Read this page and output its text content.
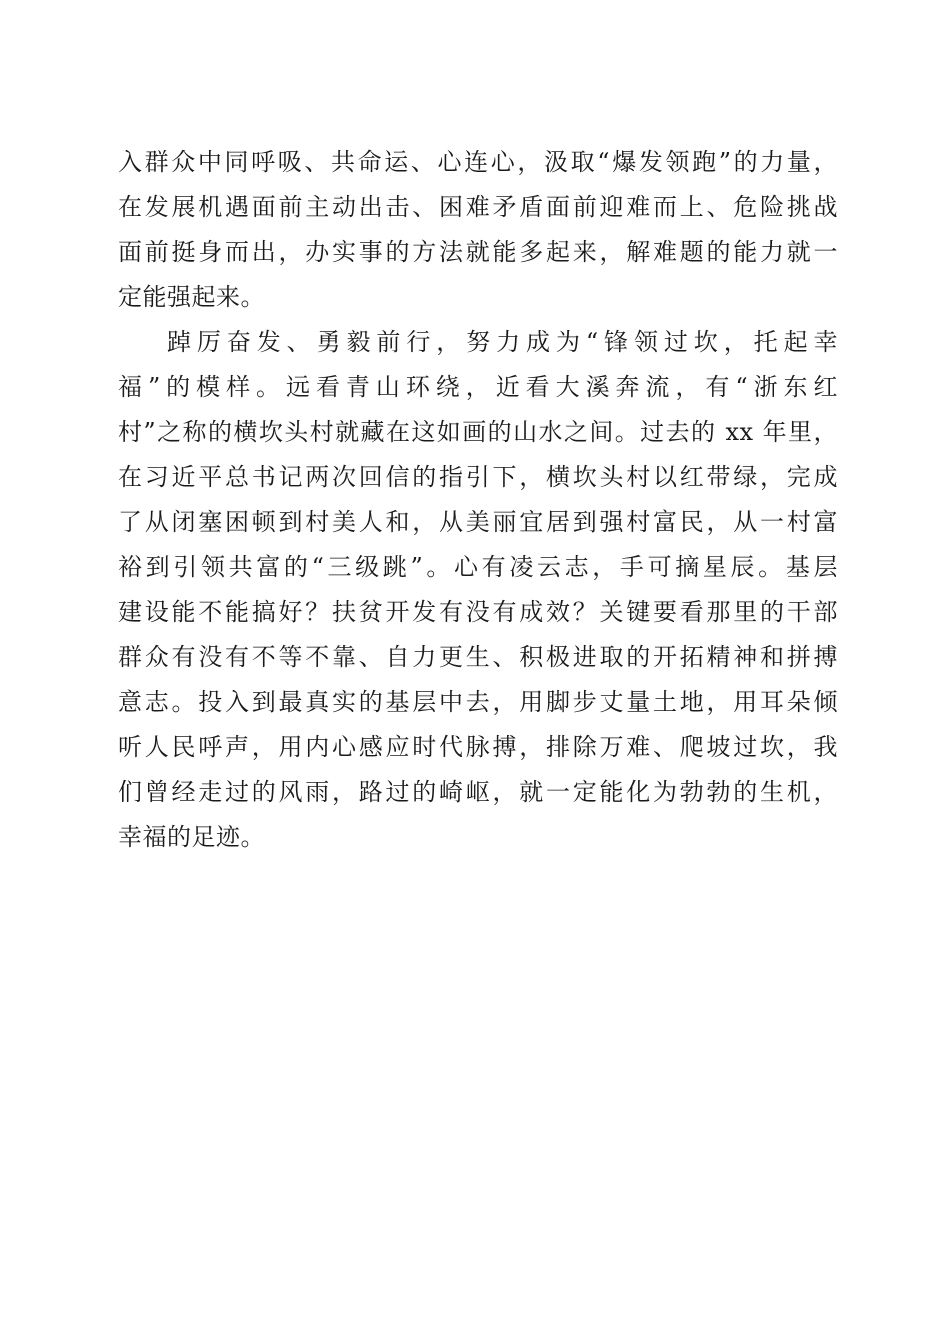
入群众中同呼吸、共命运、心连心，汲取“爆发领跑”的力量，
在发展机遇面前主动出击、困难矛盾面前迎难而上、危险挑战
面前挺身而出，办实事的方法就能多起来，解难题的能力就一
定能强起来。
踔厉奋发、勇毅前行，努力成为“锋领过坎，托起幸
福”的模样。远看青山环绕，近看大溪奔流，有“浙东红
村”之称的横坎头村就藏在这如画的山水之间。过去的 xx 年里，
在习近平总书记两次回信的指引下，横坎头村以红带绿，完成
了从闭塞困顿到村美人和，从美丽宜居到强村富民，从一村富
裕到引领共富的“三级跳”。心有凌云志，手可摘星辰。基层
建设能不能搞好？扶贫开发有没有成效？关键要看那里的干部
群众有没有不等不靠、自力更生、积极进取的开拓精神和拼搏
意志。投入到最真实的基层中去，用脚步丈量土地，用耳朵倾
听人民呼声，用内心感应时代脉搏，排除万难、爬坡过坎，我
们曾经走过的风雨，路过的崎岖，就一定能化为勃勃的生机，
幸福的足迹。
